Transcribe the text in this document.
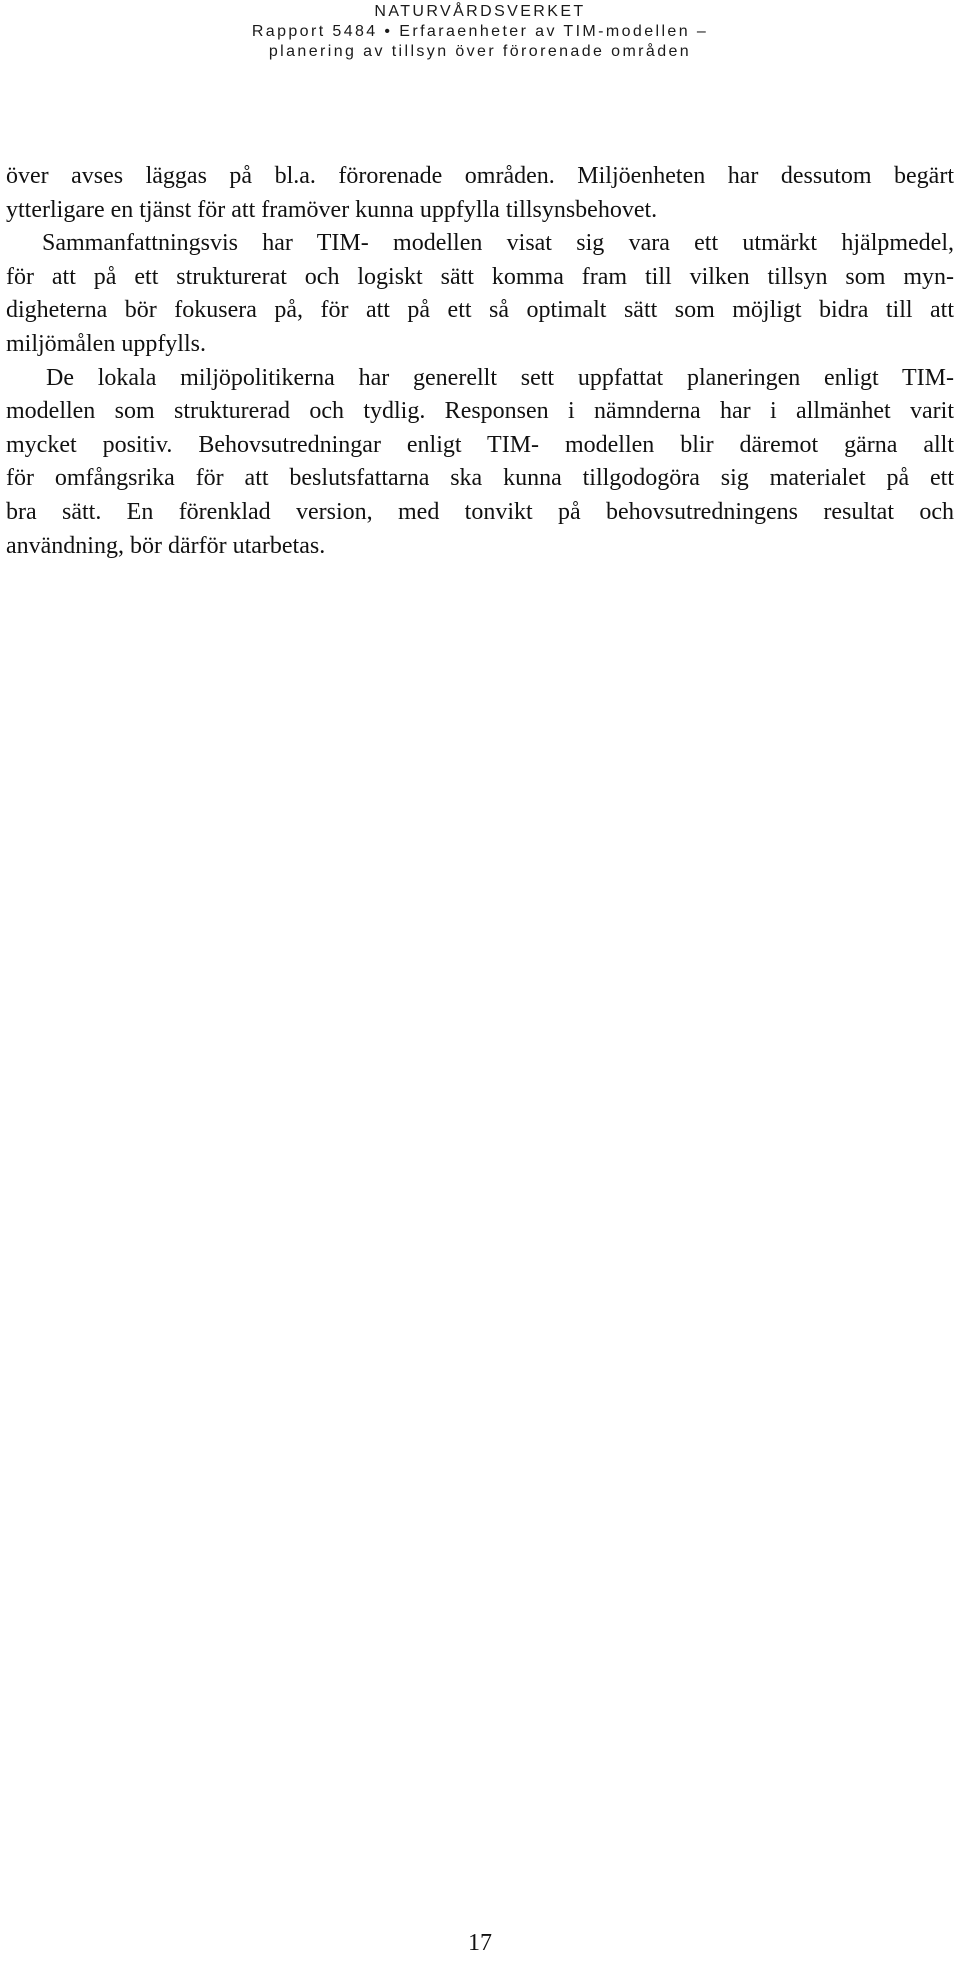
NATURVÅRDSVERKET
Rapport 5484 • Erfaraenheter av TIM-modellen –
planering av tillsyn över förorenade områden
över avses läggas på bl.a. förorenade områden. Miljöenheten har dessutom begärt
ytterligare en tjänst för att framöver kunna uppfylla tillsynsbehovet.
Sammanfattningsvis har TIM- modellen visat sig vara ett utmärkt hjälpmedel,
för att på ett strukturerat och logiskt sätt komma fram till vilken tillsyn som myn-
digheterna bör fokusera på, för att på ett så optimalt sätt som möjligt bidra till att
miljömålen uppfylls.
De lokala miljöpolitikerna har generellt sett uppfattat planeringen enligt TIM-
modellen som strukturerad och tydlig. Responsen i nämnderna har i allmänhet varit
mycket positiv. Behovsutredningar enligt TIM- modellen blir däremot gärna allt
för omfångsrika för att beslutsfattarna ska kunna tillgodogöra sig materialet på ett
bra sätt. En förenklad version, med tonvikt på behovsutredningens resultat och
användning, bör därför utarbetas.
17
